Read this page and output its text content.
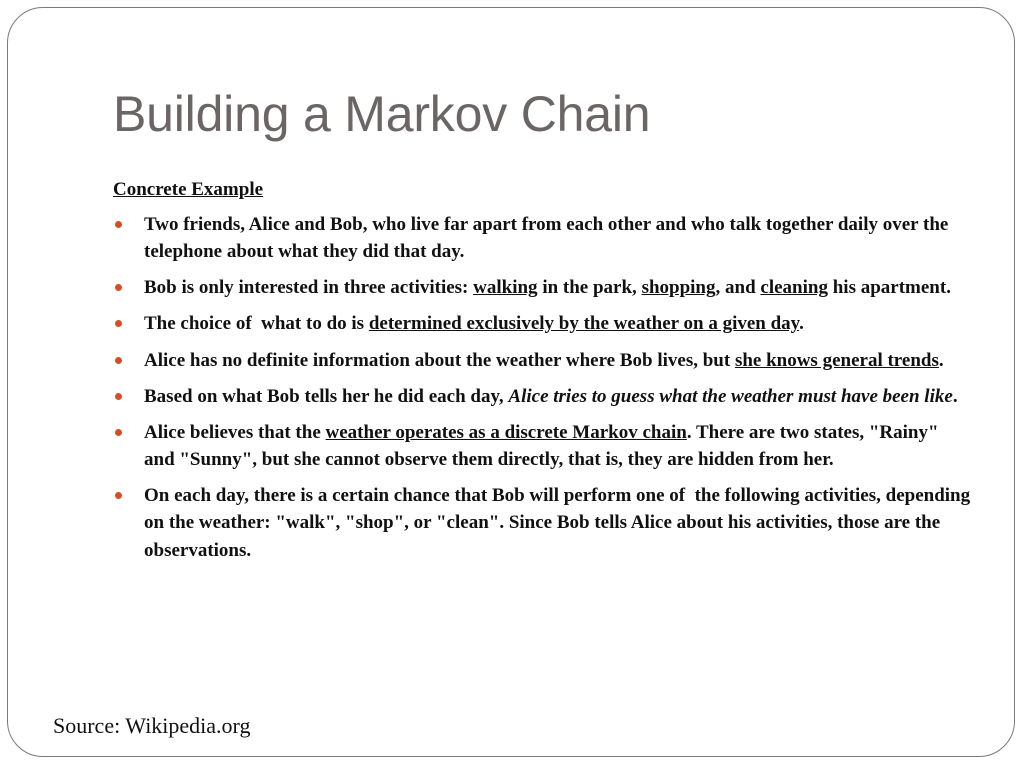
Building a Markov Chain
Concrete Example
Two friends, Alice and Bob, who live far apart from each other and who talk together daily over the telephone about what they did that day.
Bob is only interested in three activities: walking in the park, shopping, and cleaning his apartment.
The choice of  what to do is determined exclusively by the weather on a given day.
Alice has no definite information about the weather where Bob lives, but she knows general trends.
Based on what Bob tells her he did each day, Alice tries to guess what the weather must have been like.
Alice believes that the weather operates as a discrete Markov chain. There are two states, "Rainy" and "Sunny", but she cannot observe them directly, that is, they are hidden from her.
On each day, there is a certain chance that Bob will perform one of  the following activities, depending on the weather: "walk", "shop", or "clean". Since Bob tells Alice about his activities, those are the observations.
Source: Wikipedia.org
